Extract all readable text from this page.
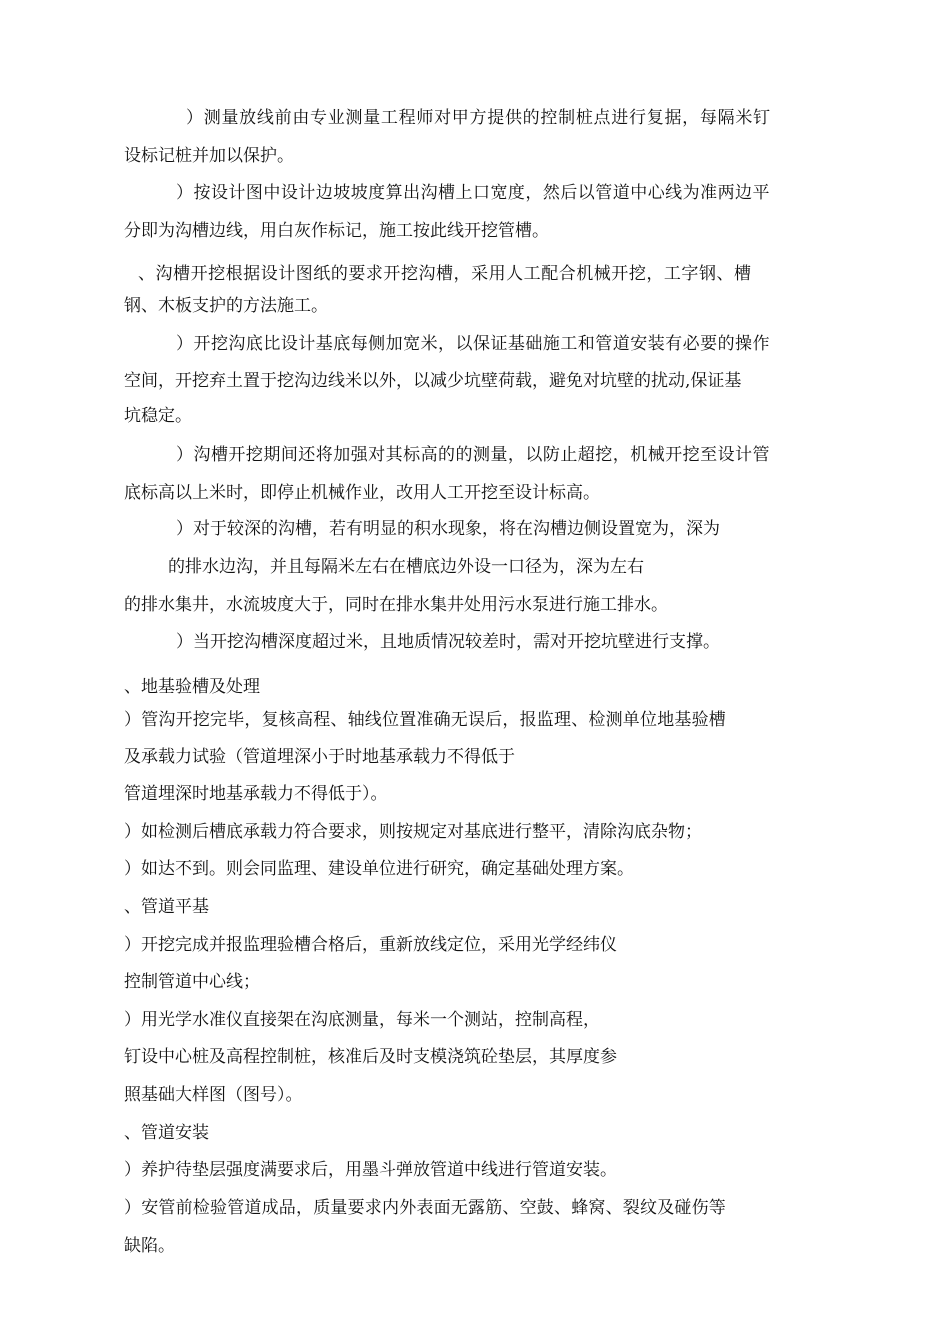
）测量放线前由专业测量工程师对甲方提供的控制桩点进行复据，每隔米钉
设标记桩并加以保护。
）按设计图中设计边坡坡度算出沟槽上口宽度，然后以管道中心线为准两边平
分即为沟槽边线，用白灰作标记，施工按此线开挖管槽。
、沟槽开挖根据设计图纸的要求开挖沟槽，采用人工配合机械开挖，工字钢、槽
钢、木板支护的方法施工。
）开挖沟底比设计基底每侧加宽米，以保证基础施工和管道安装有必要的操作
空间，开挖弃土置于挖沟边线米以外，以减少坑壁荷载，避免对坑壁的扰动,保证基
坑稳定。
）沟槽开挖期间还将加强对其标高的的测量，以防止超挖，机械开挖至设计管
底标高以上米时，即停止机械作业，改用人工开挖至设计标高。
）对于较深的沟槽，若有明显的积水现象，将在沟槽边侧设置宽为，深为
的排水边沟，并且每隔米左右在槽底边外设一口径为，深为左右
的排水集井，水流坡度大于，同时在排水集井处用污水泵进行施工排水。
）当开挖沟槽深度超过米，且地质情况较差时，需对开挖坑壁进行支撑。
、地基验槽及处理
）管沟开挖完毕，复核高程、轴线位置准确无误后，报监理、检测单位地基验槽
及承载力试验（管道埋深小于时地基承载力不得低于
管道埋深时地基承载力不得低于）。
）如检测后槽底承载力符合要求，则按规定对基底进行整平，清除沟底杂物；
）如达不到。则会同监理、建设单位进行研究，确定基础处理方案。
、管道平基
）开挖完成并报监理验槽合格后，重新放线定位，采用光学经纬仪
控制管道中心线；
）用光学水准仪直接架在沟底测量，每米一个测站，控制高程，
钉设中心桩及高程控制桩，核准后及时支模浇筑砼垫层，其厚度参
照基础大样图（图号）。
、管道安装
）养护待垫层强度满要求后，用墨斗弹放管道中线进行管道安装。
）安管前检验管道成品，质量要求内外表面无露筋、空鼓、蜂窝、裂纹及碰伤等
缺陷。
